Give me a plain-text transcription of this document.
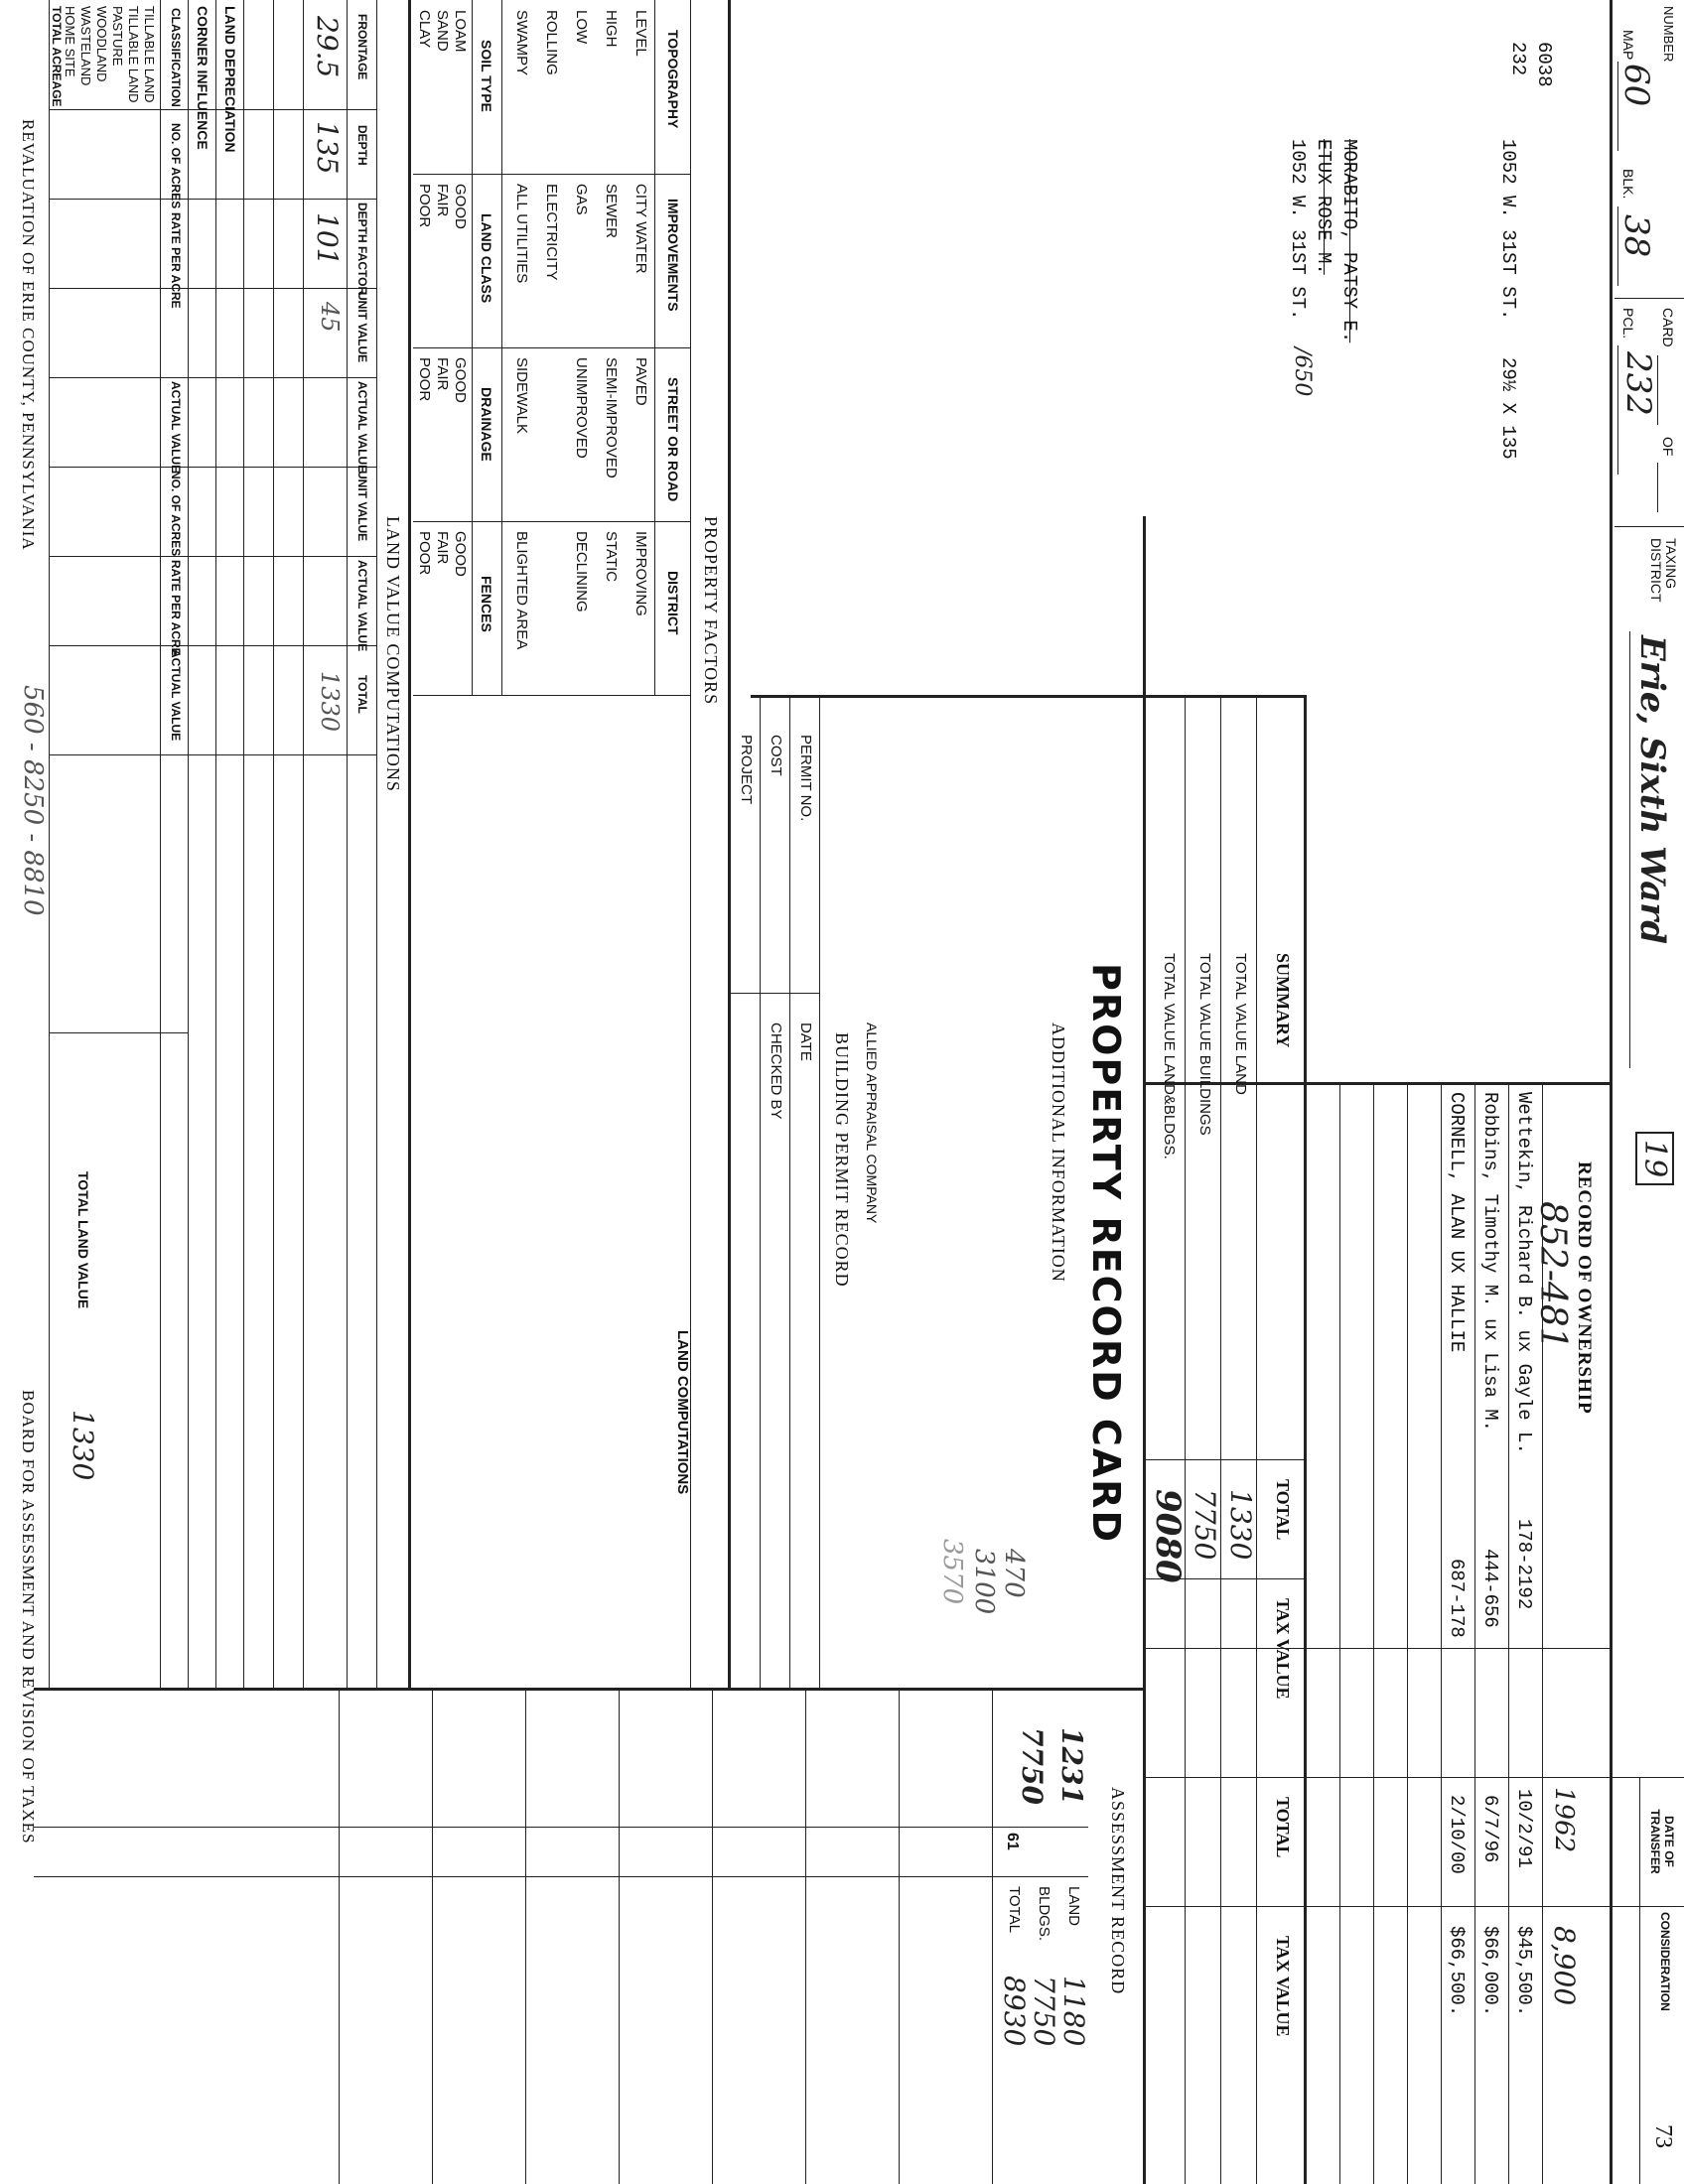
NUMBER
MAP
60
BLK.
38
PCL.
232
CARD
OF
TAXING
DISTRICT
Erie, Sixth Ward
19
73
6038
232
1052 W. 31ST ST.
29½ X 135
MORABITO, PATSY E.
ETUX ROSE M.
1052 W. 31ST ST.
/650
RECORD OF OWNERSHIP
852-481
DATE OF TRANSFER
CONSIDERATION
1962
8,900
Wettekin, Richard B. ux Gayle L.
178-2192
10/2/91
$45,500.
Robbins, Timothy M. ux Lisa M.
444-656
6/7/96
$66,000.
CORNELL, ALAN UX HALLIE
687-178
2/10/00
$66,500.
SUMMARY
TOTAL
TAX VALUE
TOTAL
TAX VALUE
TOTAL VALUE LAND
1330
TOTAL VALUE BUILDINGS
7750
TOTAL VALUE LAND&BLDGS.
9080
PROPERTY RECORD CARD
ADDITIONAL INFORMATION
470
3100
3570
ALLIED APPRAISAL COMPANY
BUILDING PERMIT RECORD
PERMIT NO.
DATE
COST
CHECKED BY
PROJECT
ASSESSMENT RECORD
1231
7750
LAND
BLDGS.
TOTAL
1180
7750
8930
61
PROPERTY FACTORS
TOPOGRAPHY
IMPROVEMENTS
STREET OR ROAD
DISTRICT
LEVEL
HIGH
LOW
ROLLING
SWAMPY
CITY WATER
SEWER
GAS
ELECTRICITY
ALL UTILITIES
PAVED
SEMI-IMPROVED
UNIMPROVED
SIDEWALK
IMPROVING
STATIC
DECLINING
BLIGHTED AREA
SOIL TYPE
LAND CLASS
DRAINAGE
FENCES
LOAM
SAND
CLAY
GOOD
FAIR
POOR
GOOD
FAIR
POOR
GOOD
FAIR
POOR
LAND VALUE COMPUTATIONS
FRONTAGE
DEPTH
DEPTH FACTOR
UNIT VALUE
ACTUAL VALUE
UNIT VALUE
ACTUAL VALUE
TOTAL
29.5
135
101
45
1330
LAND DEPRECIATION
CORNER INFLUENCE
CLASSIFICATION
NO. OF ACRES
RATE PER ACRE
ACTUAL VALUE
NO. OF ACRES
RATE PER ACRE
ACTUAL VALUE
TILLABLE LAND
TILLABLE LAND
PASTURE
WOODLAND
WASTELAND
HOME SITE
TOTAL ACREAGE
TOTAL LAND VALUE
1330	LAND COMPUTATIONS
REVALUATION OF ERIE COUNTY, PENNSYLVANIA
560 - 8250 - 8810
BOARD FOR ASSESSMENT AND REVISION OF TAXES
